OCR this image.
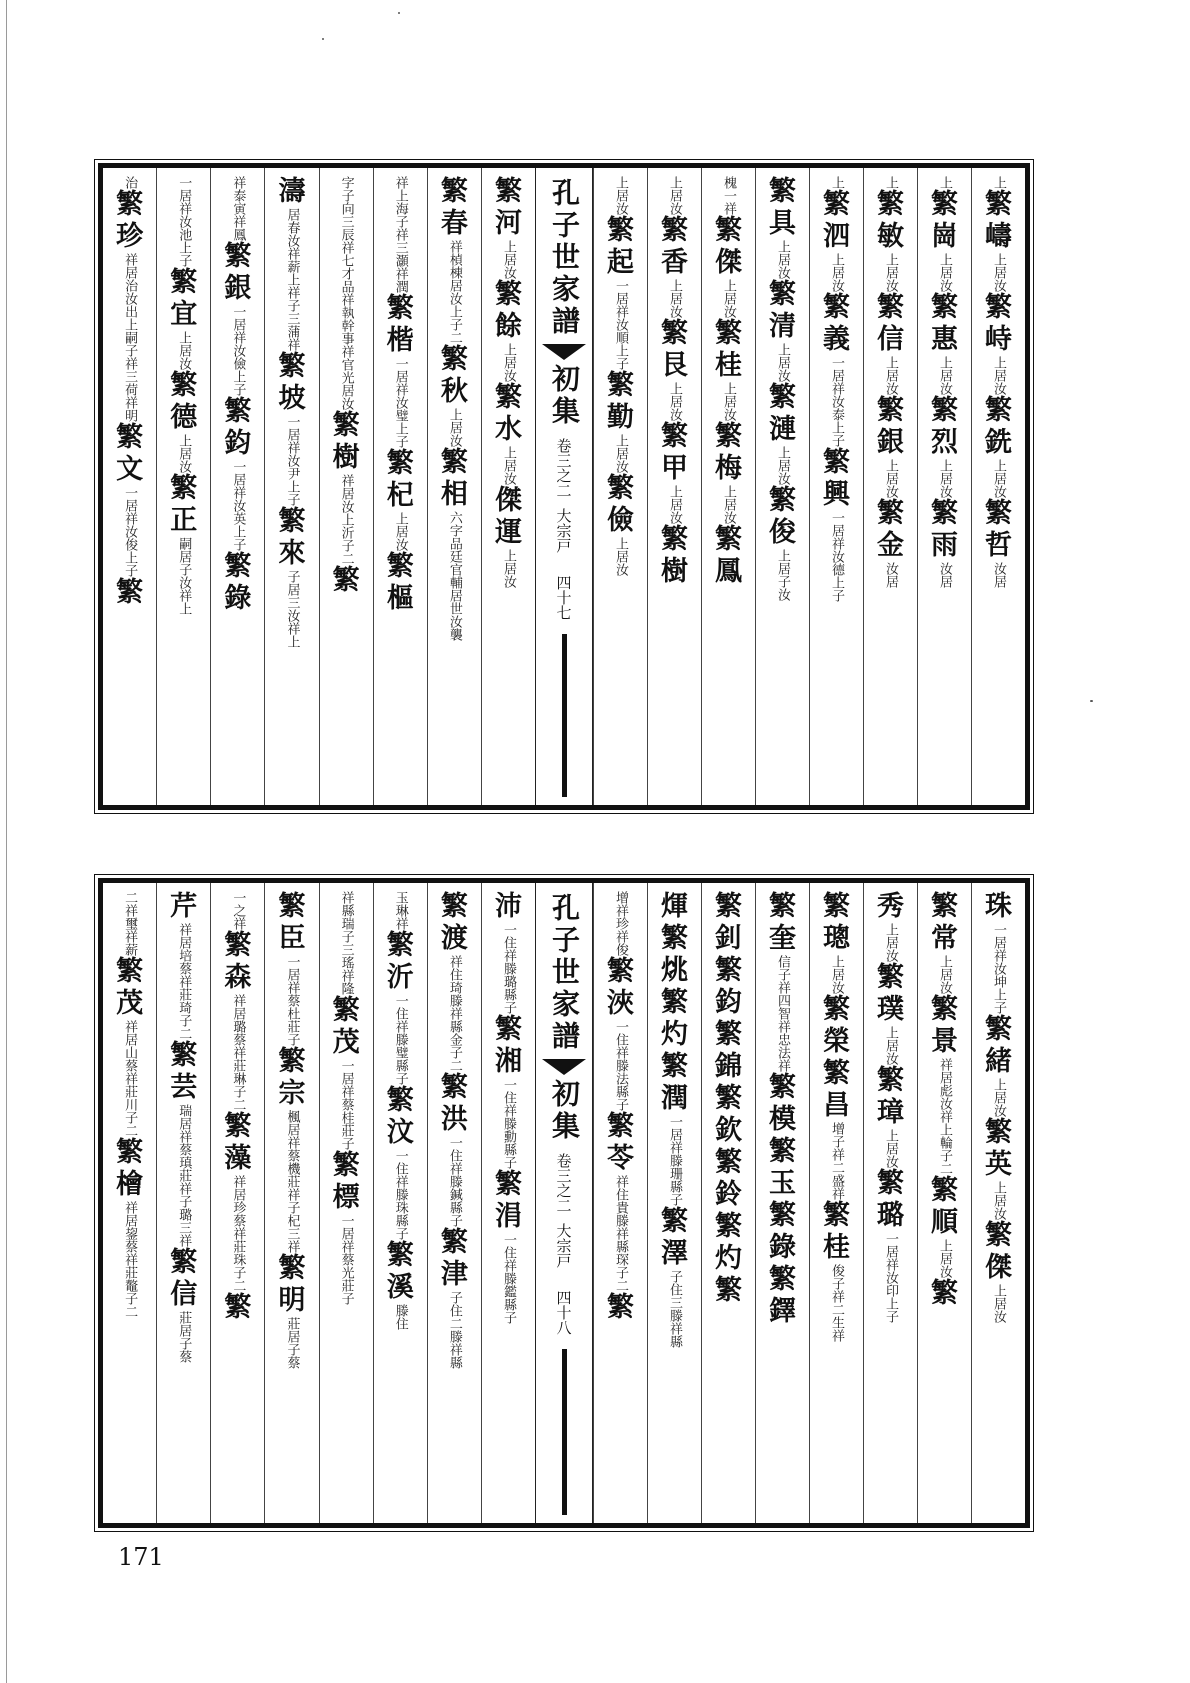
上
繁
嶹
上居汝
繁
峙
上居汝
繁
銑
上居汝
繁
哲
汝居
上
繁
崗
上居汝
繁
惠
上居汝
繁
烈
上居汝
繁
雨
汝居
上
繁
敏
上居汝
繁
信
上居汝
繁
銀
上居汝
繁
金
汝居
上
繁
泗
上居汝
繁
義
一居祥汝泰上子
繁
興
一居祥汝德上子
繁
具
上居汝
繁
清
上居汝
繁
漣
上居汝
繁
俊
上居子汝
槐一祥
繁
傑
上居汝
繁
桂
上居汝
繁
梅
上居汝
繁
鳳
上居汝
繁
香
上居汝
繁
艮
上居汝
繁
甲
上居汝
繁
樹
上居汝
繁
起
一居祥汝順上子
繁
勤
上居汝
繁
儉
上居汝
孔子世家譜
初集
卷三之二
大宗戸
四十七
繁
河
上居汝
繁
餘
上居汝
繁
水
上居汝
傑
運
上居汝
繁
春
祥楨棟居汝上子二
繁
秋
上居汝
繁
相
六字品廷官輔居世汝襲
祥上海子祥三灝祥潤
繁
楷
一居祥汝璧上子
繁
杞
上居汝
繁
樞
字子向三辰祥七才品祥執幹事祥官光居汝
繁
樹
祥居汝上沂子二
繁
濤
居春汝祥薪上祥子三蒲祥
繁
坡
一居祥汝尹上子
繁
來
子居三汝祥上
祥泰寅祥鳳
繁
銀
一居祥汝儉上子
繁
鈞
一居祥汝英上子
繁
錄
一居祥汝池上子
繁
宜
上居汝
繁
德
上居汝
繁
正
嗣居子汝祥上
治
繁
珍
祥居治汝出上嗣子祥三荷祥明
繁
文
一居祥汝俊上子
繁
珠
一居祥汝坤上子
繁
緒
上居汝
繁
英
上居汝
繁
傑
上居汝
繁
常
上居汝
繁
景
祥居彪汝祥上輪子二
繁
順
上居汝
繁
秀
上居汝
繁
璞
上居汝
繁
璋
上居汝
繁
璐
一居祥汝印上子
繁
璁
上居汝
繁
榮
繁
昌
增子祥二盛祥
繁
桂
俊子祥二生祥
繁
奎
信子祥四智祥忠法祥
繁
模
繁
玉
繁
錄
繁
鐸
繁
釗
繁
鈞
繁
錦
繁
欽
繁
鈴
繁
灼
繁
煇
繁
烑
繁
灼
繁
潤
一居祥滕珊縣子
繁
澤
子住三滕祥縣
增祥珍祥俊
繁
浹
一住祥滕法縣子
繁
苓
祥住貴滕祥縣琛子二
繁
孔子世家譜
初集
卷三之二
大宗戸
四十八
沛
一住祥滕璐縣子
繁
湘
一住祥滕勳縣子
繁
涓
一住祥滕鑑縣子
繁
渡
祥住琦滕祥縣金子二
繁
洪
一住祥滕鍼縣子
繁
津
子住二滕祥縣
玉琳祥
繁
沂
一住祥滕璧縣子
繁
汶
一住祥滕珠縣子
繁
溪
滕住
祥縣瑞子三瑤祥隆
繁
茂
一居祥蔡桂莊子
繁
標
一居祥蔡光莊子
繁
臣
一居祥蔡杜莊子
繁
宗
楓居祥蔡機莊祥子杞三祥
繁
明
莊居子蔡
一之祥
繁
森
祥居璐蔡祥莊琳子二
繁
藻
祥居珍蔡祥莊珠子二
繁
芹
祥居培蔡祥莊琦子二
繁
芸
瑞居祥蔡瑱莊祥子璐三祥
繁
信
莊居子蔡
二祥璽祥薪
繁
茂
祥居山蔡祥莊川子二
繁
檜
祥居鋆蔡祥莊鼇子二
171
